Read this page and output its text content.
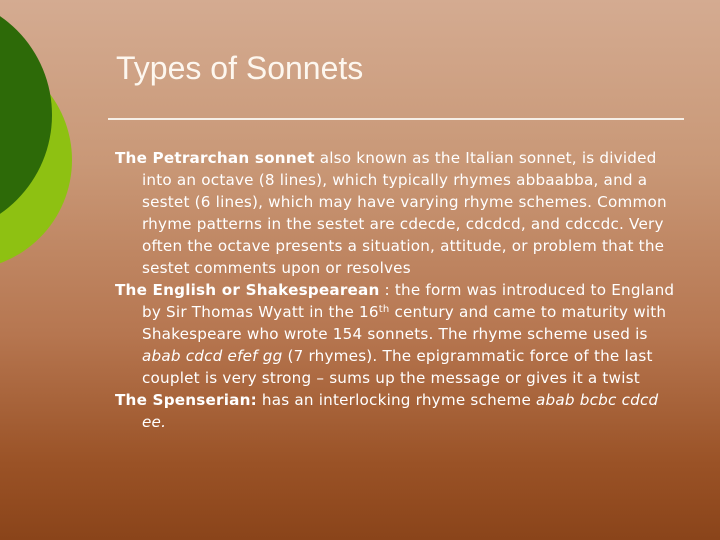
Types of Sonnets

The Petrarchan sonnet also known as the Italian sonnet, is divided into an octave (8 lines), which typically rhymes abbaabba, and a sestet (6 lines), which may have varying rhyme schemes. Common rhyme patterns in the sestet are cdecde, cdcdcd, and cdccdc. Very often the octave presents a situation, attitude, or problem that the sestet comments upon or resolves

The English or Shakespearean : the form was introduced to England by Sir Thomas Wyatt in the 16th century and came to maturity with Shakespeare who wrote 154 sonnets. The rhyme scheme used is abab cdcd efef gg (7 rhymes). The epigrammatic force of the last couplet is very strong – sums up the message or gives it a twist

The Spenserian: has an interlocking rhyme scheme abab bcbc cdcd ee.
